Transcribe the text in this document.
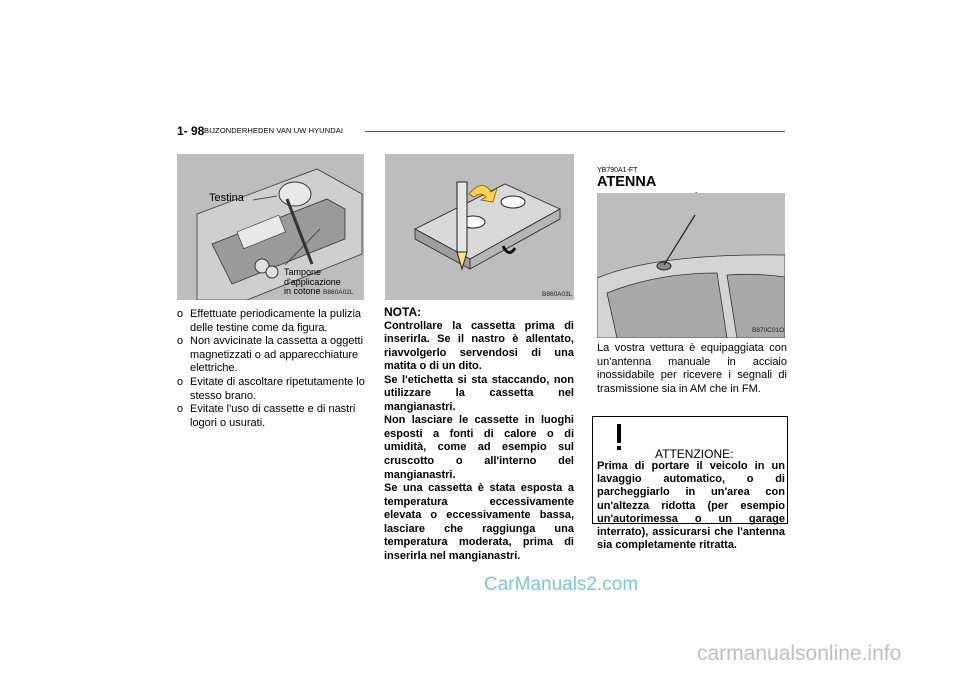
1- 98 BIJZONDERHEDEN VAN UW HYUNDAI
Testina
Tampone
d'applicazione
in cotone B860A02L	B860A03L
o Effettuate periodicamente la pulizia delle testine come da figura.
o Non avvicinate la cassetta a oggetti magnetizzati o ad apparecchiature elettriche.
o Evitate di ascoltare ripetutamente lo stesso brano.
o Evitate l'uso di cassette e di nastri logori o usurati.
NOTA:

Controllare la cassetta prima di inserirla. Se il nastro è allentato, riavvolgerlo servendosi di una matita o di un dito.

Se l'etichetta si sta staccando, non utilizzare la cassetta nel mangianastri.

Non lasciare le cassette in luoghi esposti a fonti di calore o di umidità, come ad esempio sul cruscotto o all'interno del mangianastri.

Se una cassetta è stata esposta a temperatura eccessivamente elevata o eccessivamente bassa, lasciare che raggiunga una temperatura moderata, prima di inserirla nel mangianastri.

YB790A1-FT
ATENNA
B870C01O
La vostra vettura è equipaggiata con un'antenna manuale in acciaio inossidabile per ricevere i segnali di trasmissione sia in AM che in FM.
ATTENZIONE:
Prima di portare il veicolo in un lavaggio automatico, o di parcheggiarlo in un'area con un'altezza ridotta (per esempio un'autorimessa o un garage interrato), assicurarsi che l'antenna sia completamente ritratta.
CarManuals2.com
carmanualsonline.info
